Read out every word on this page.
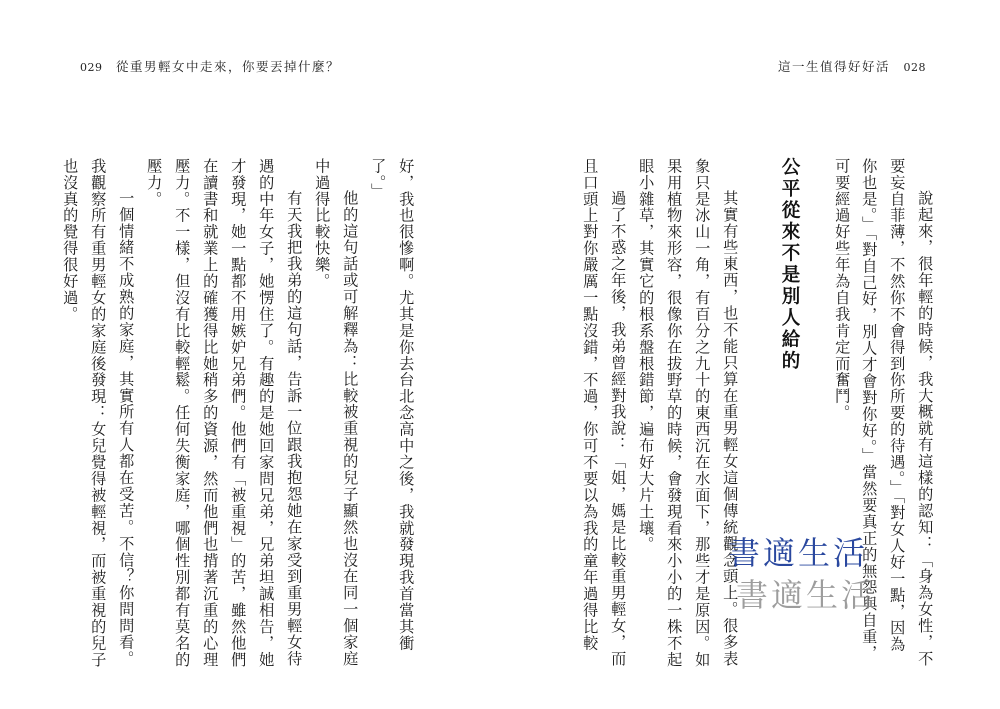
029 從重男輕女中走來，你要丟掉什麼？	這一生值得好好活 028
說起來，很年輕的時候，我大概就有這樣的認知：「身為女性，不
要妄自菲薄，不然你不會得到你所要的待遇。」「對女人好一點，因為
你也是。」「對自己好，別人才會對你好。」當然要真正的無怨與自重，
可要經過好些年為自我肯定而奮鬥。
公平從來不是別人給的
其實有些東西，也不能只算在重男輕女這個傳統觀念頭上。很多表
象只是冰山一角，有百分之九十的東西沉在水面下，那些才是原因。如
果用植物來形容，很像你在拔野草的時候，會發現看來小小的一株不起
眼小雜草，其實它的根系盤根錯節，遍布好大片土壤。
過了不惑之年後，我弟曾經對我說：「姐，媽是比較重男輕女，而
且口頭上對你嚴厲一點沒錯，不過，你可不要以為我的童年過得比較
好，我也很慘啊。尤其是你去台北念高中之後，我就發現我首當其衝
了。」
他的這句話或可解釋為：比較被重視的兒子顯然也沒在同一個家庭
中過得比較快樂。
有天我把我弟的這句話，告訴一位跟我抱怨她在家受到重男輕女待
遇的中年女子，她愣住了。有趣的是她回家問兄弟，兄弟坦誠相告，她
才發現，她一點都不用嫉妒兄弟們。他們有「被重視」的苦，雖然他們
在讀書和就業上的確獲得比她稍多的資源，然而他們也揹著沉重的心理
壓力。不一樣，但沒有比較輕鬆。任何失衡家庭，哪個性別都有莫名的
壓力。
一個情緒不成熟的家庭，其實所有人都在受苦。不信？你問問看。
我觀察所有重男輕女的家庭後發現：女兒覺得被輕視，而被重視的兒子
也沒真的覺得很好過。
書適生活
書適生活
